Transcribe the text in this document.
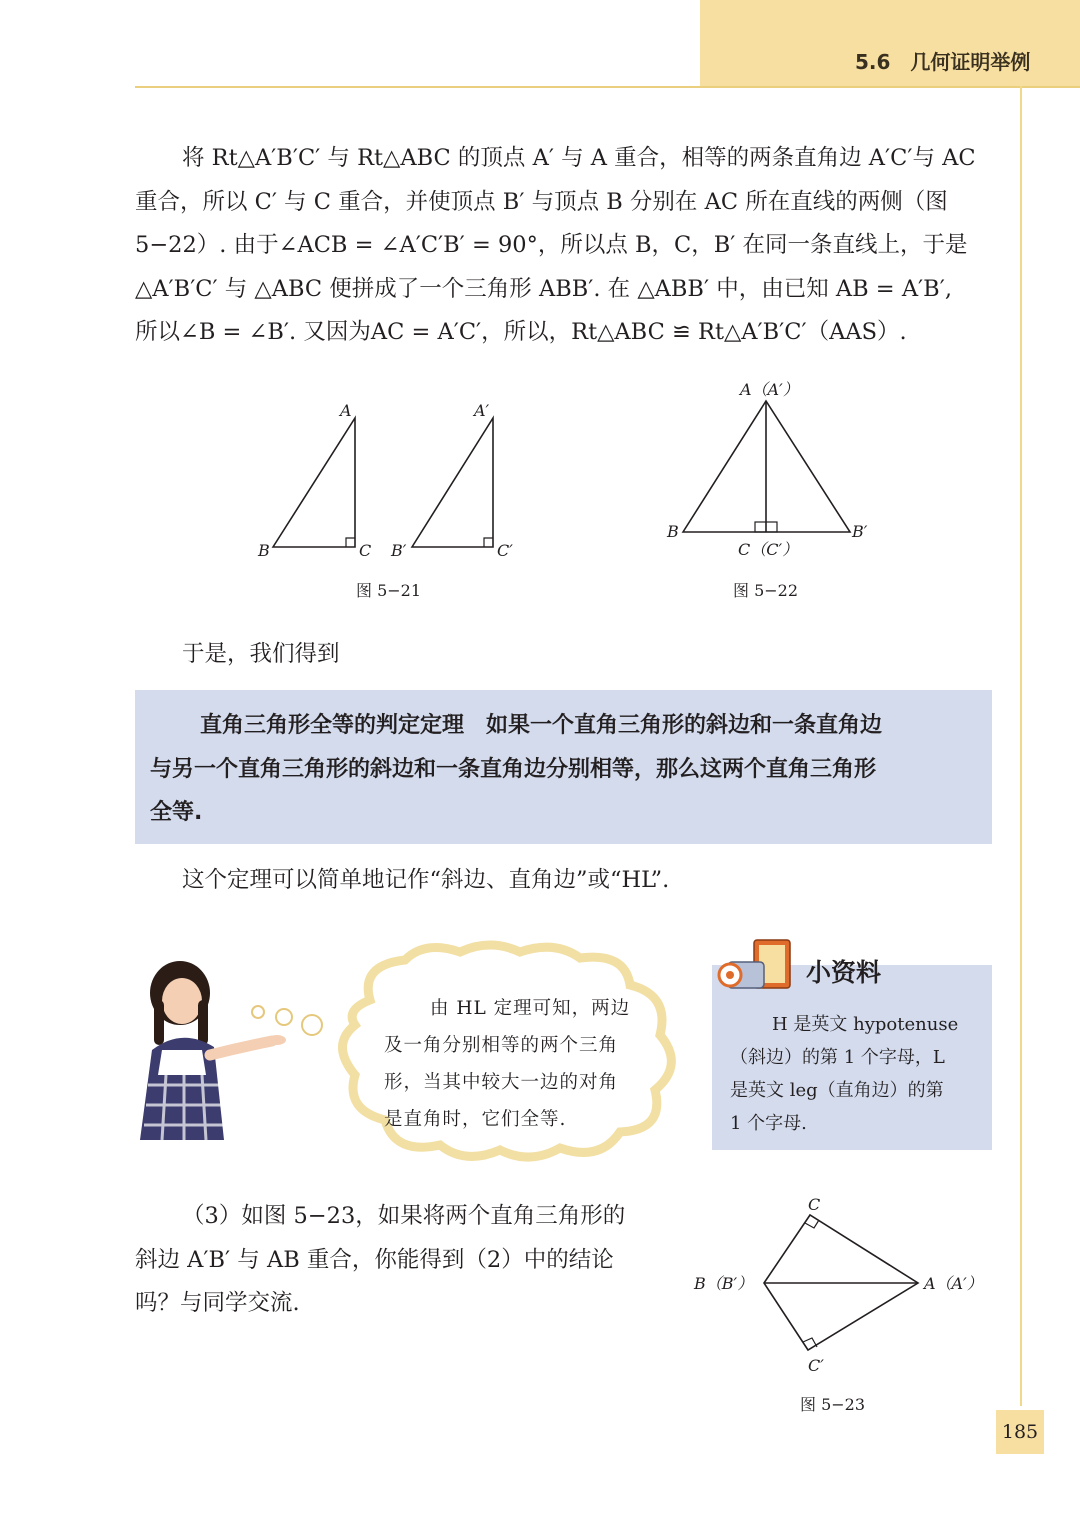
5.6　几何证明举例

将 Rt△A′B′C′ 与 Rt△ABC 的顶点 A′ 与 A 重合，相等的两条直角边 A′C′与 AC

重合，所以 C′ 与 C 重合，并使顶点 B′ 与顶点 B 分别在 AC 所在直线的两侧（图

5−22）. 由于∠ACB = ∠A′C′B′ = 90°，所以点 B，C，B′ 在同一条直线上，于是

△A′B′C′ 与 △ABC 便拼成了一个三角形 ABB′. 在 △ABB′ 中，由已知 AB = A′B′,

所以∠B = ∠B′. 又因为AC = A′C′，所以，Rt△ABC ≌ Rt△A′B′C′（AAS）.

A
B	C
A′
B′	C′
图 5−21
A（A′）
B	B′
C（C′）
图 5−22

于是，我们得到

直角三角形全等的判定定理　如果一个直角三角形的斜边和一条直角边
与另一个直角三角形的斜边和一条直角边分别相等，那么这两个直角三角形
全等.

这个定理可以简单地记作“斜边、直角边”或“HL”.

由 HL 定理可知，两边
及一角分别相等的两个三角
形，当其中较大一边的对角
是直角时，它们全等.
小资料
H 是英文 hypotenuse
（斜边）的第 1 个字母，L
是英文 leg（直角边）的第
1 个字母.

（3）如图 5−23，如果将两个直角三角形的

斜边 A′B′ 与 AB 重合，你能得到（2）中的结论

吗？与同学交流.

C
B（B′）	A（A′）
C′
图 5−23
185
